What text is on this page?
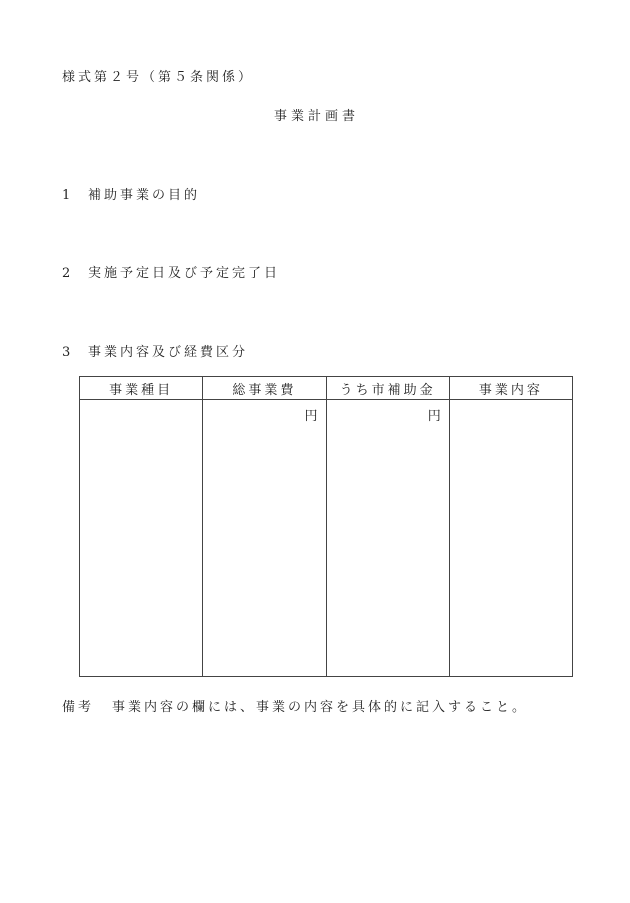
様式第２号（第５条関係）
事業計画書
1 補助事業の目的
2 実施予定日及び予定完了日
3 事業内容及び経費区分
事業種目	総事業費	うち市補助金	事業内容
	円	円	
備考 事業内容の欄には、事業の内容を具体的に記入すること。
